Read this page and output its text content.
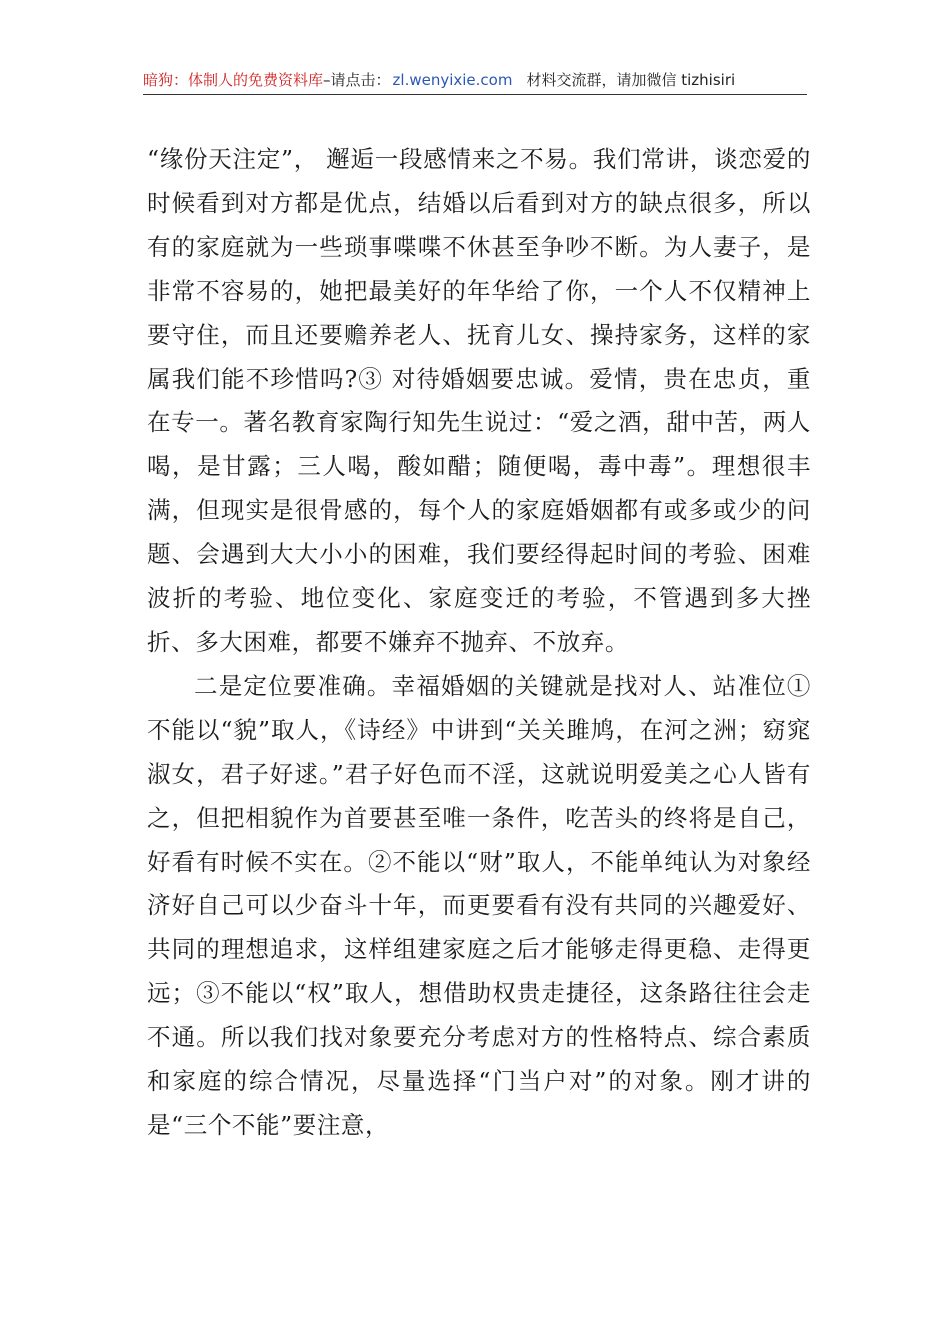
暗狗：体制人的免费资料库–请点击： zl.wenyixie.com 材料交流群，请加微信 tizhisiri

“缘份天注定”， 邂逅一段感情来之不易。我们常讲，谈恋爱的时候看到对方都是优点，结婚以后看到对方的缺点很多，所以有的家庭就为一些琐事喋喋不休甚至争吵不断。为人妻子，是非常不容易的，她把最美好的年华给了你，一个人不仅精神上要守住，而且还要赡养老人、抚育儿女、操持家务，这样的家属我们能不珍惜吗?③ 对待婚姻要忠诚。爱情，贵在忠贞，重在专一。著名教育家陶行知先生说过：“爱之酒，甜中苦，两人喝，是甘露；三人喝，酸如醋；随便喝，毒中毒”。理想很丰满，但现实是很骨感的，每个人的家庭婚姻都有或多或少的问题、会遇到大大小小的困难，我们要经得起时间的考验、困难波折的考验、地位变化、家庭变迁的考验，不管遇到多大挫折、多大困难，都要不嫌弃不抛弃、不放弃。

二是定位要准确。幸福婚姻的关键就是找对人、站准位①不能以“貌”取人，《诗经》中讲到“关关雎鸠，在河之洲；窈窕淑女，君子好逑。”君子好色而不淫，这就说明爱美之心人皆有之，但把相貌作为首要甚至唯一条件，吃苦头的终将是自己，好看有时候不实在。②不能以“财”取人，不能单纯认为对象经济好自己可以少奋斗十年，而更要看有没有共同的兴趣爱好、共同的理想追求，这样组建家庭之后才能够走得更稳、走得更远；③不能以“权”取人，想借助权贵走捷径，这条路往往会走不通。所以我们找对象要充分考虑对方的性格特点、综合素质和家庭的综合情况，尽量选择“门当户对”的对象。刚才讲的是“三个不能”要注意，
